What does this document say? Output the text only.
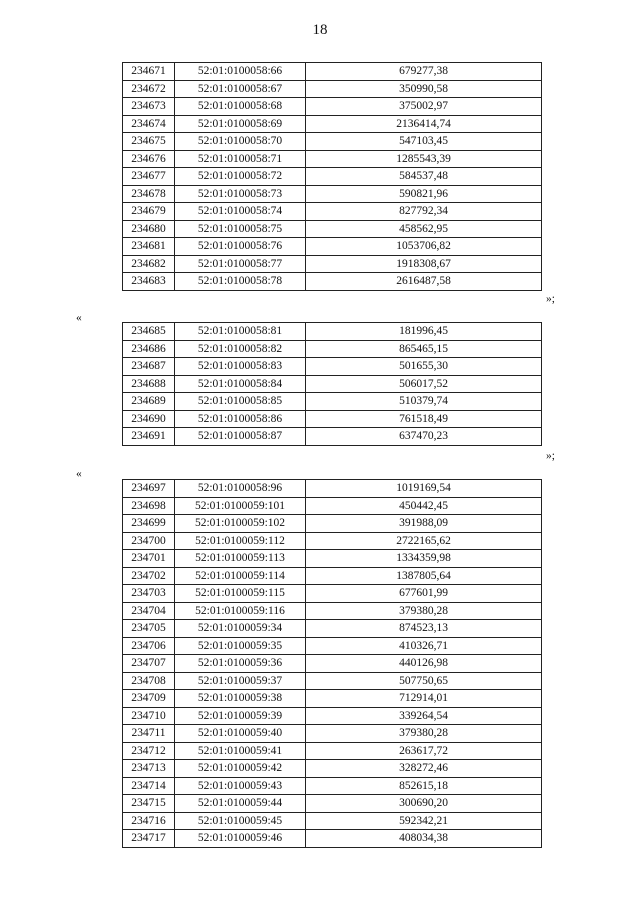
18
234671	52:01:0100058:66	679277,38
234672	52:01:0100058:67	350990,58
234673	52:01:0100058:68	375002,97
234674	52:01:0100058:69	2136414,74
234675	52:01:0100058:70	547103,45
234676	52:01:0100058:71	1285543,39
234677	52:01:0100058:72	584537,48
234678	52:01:0100058:73	590821,96
234679	52:01:0100058:74	827792,34
234680	52:01:0100058:75	458562,95
234681	52:01:0100058:76	1053706,82
234682	52:01:0100058:77	1918308,67
234683	52:01:0100058:78	2616487,58
»;
«
234685	52:01:0100058:81	181996,45
234686	52:01:0100058:82	865465,15
234687	52:01:0100058:83	501655,30
234688	52:01:0100058:84	506017,52
234689	52:01:0100058:85	510379,74
234690	52:01:0100058:86	761518,49
234691	52:01:0100058:87	637470,23
»;
«
234697	52:01:0100058:96	1019169,54
234698	52:01:0100059:101	450442,45
234699	52:01:0100059:102	391988,09
234700	52:01:0100059:112	2722165,62
234701	52:01:0100059:113	1334359,98
234702	52:01:0100059:114	1387805,64
234703	52:01:0100059:115	677601,99
234704	52:01:0100059:116	379380,28
234705	52:01:0100059:34	874523,13
234706	52:01:0100059:35	410326,71
234707	52:01:0100059:36	440126,98
234708	52:01:0100059:37	507750,65
234709	52:01:0100059:38	712914,01
234710	52:01:0100059:39	339264,54
234711	52:01:0100059:40	379380,28
234712	52:01:0100059:41	263617,72
234713	52:01:0100059:42	328272,46
234714	52:01:0100059:43	852615,18
234715	52:01:0100059:44	300690,20
234716	52:01:0100059:45	592342,21
234717	52:01:0100059:46	408034,38
